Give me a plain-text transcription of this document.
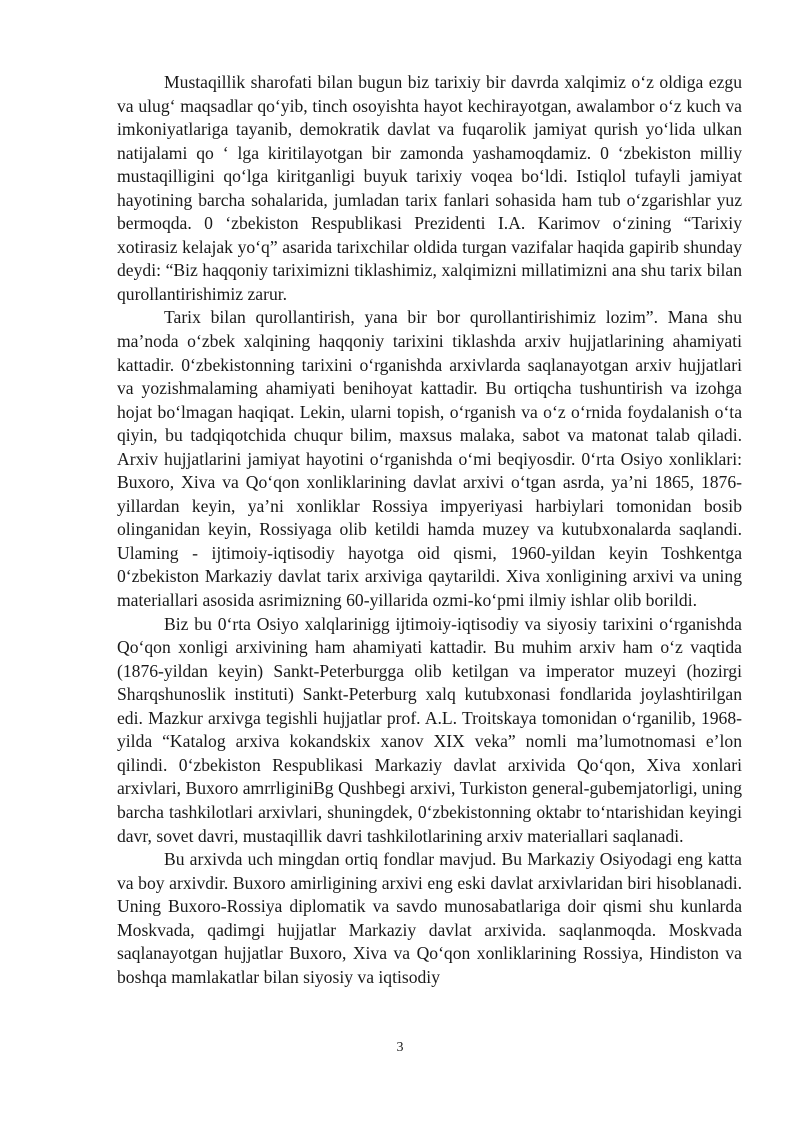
Mustaqillik sharofati bilan bugun biz tarixiy bir davrda xalqimiz o‘z oldiga ezgu va ulug‘ maqsadlar qo‘yib, tinch osoyishta hayot kechirayotgan, awalambor o‘z kuch va imkoniyatlariga tayanib, demokratik davlat va fuqarolik jamiyat qurish yo‘lida ulkan natijalami qo ‘ lga kiritilayotgan bir zamonda yashamoqdamiz. 0 ‘zbekiston milliy mustaqilligini qo‘lga kiritganligi buyuk tarixiy voqea bo‘ldi. Istiqlol tufayli jamiyat hayotining barcha sohalarida, jumladan tarix fanlari sohasida ham tub o‘zgarishlar yuz bermoqda. 0 ‘zbekiston Respublikasi Prezidenti I.A. Karimov o‘zining “Tarixiy xotirasiz kelajak yo‘q” asarida tarixchilar oldida turgan vazifalar haqida gapirib shunday deydi: “Biz haqqoniy tariximizni tiklashimiz, xalqimizni millatimizni ana shu tarix bilan qurollantirishimiz zarur.

Tarix bilan qurollantirish, yana bir bor qurollantirishimiz lozim”. Mana shu ma’noda o‘zbek xalqining haqqoniy tarixini tiklashda arxiv hujjatlarining ahamiyati kattadir. 0‘zbekistonning tarixini o‘rganishda arxivlarda saqlanayotgan arxiv hujjatlari va yozishmalaming ahamiyati benihoyat kattadir. Bu ortiqcha tushuntirish va izohga hojat bo‘lmagan haqiqat. Lekin, ularni topish, o‘rganish va o‘z o‘rnida foydalanish o‘ta qiyin, bu tadqiqotchida chuqur bilim, maxsus malaka, sabot va matonat talab qiladi. Arxiv hujjatlarini jamiyat hayotini o‘rganishda o‘mi beqiyosdir. 0‘rta Osiyo xonliklari: Buxoro, Xiva va Qo‘qon xonliklarining davlat arxivi o‘tgan asrda, ya’ni 1865, 1876-yillardan keyin, ya’ni xonliklar Rossiya impyeriyasi harbiylari tomonidan bosib olinganidan keyin, Rossiyaga olib ketildi hamda muzey va kutubxonalarda saqlandi. Ulaming - ijtimoiy-iqtisodiy hayotga oid qismi, 1960-yildan keyin Toshkentga 0‘zbekiston Markaziy davlat tarix arxiviga qaytarildi. Xiva xonligining arxivi va uning materiallari asosida asrimizning 60-yillarida ozmi-ko‘pmi ilmiy ishlar olib borildi.

Biz bu 0‘rta Osiyo xalqlarinigg ijtimoiy-iqtisodiy va siyosiy tarixini o‘rganishda Qo‘qon xonligi arxivining ham ahamiyati kattadir. Bu muhim arxiv ham o‘z vaqtida (1876-yildan keyin) Sankt-Peterburgga olib ketilgan va imperator muzeyi (hozirgi Sharqshunoslik instituti) Sankt-Peterburg xalq kutubxonasi fondlarida joylashtirilgan edi. Mazkur arxivga tegishli hujjatlar prof. A.L. Troitskaya tomonidan o‘rganilib, 1968-yilda “Katalog arxiva kokandskix xanov XIX veka” nomli ma’lumotnomasi e’lon qilindi. 0‘zbekiston Respublikasi Markaziy davlat arxivida Qo‘qon, Xiva xonlari arxivlari, Buxoro amrrliginiBg Qushbegi arxivi, Turkiston general-gubemjatorligi, uning barcha tashkilotlari arxivlari, shuningdek, 0‘zbekistonning oktabr to‘ntarishidan keyingi davr, sovet davri, mustaqillik davri tashkilotlarining arxiv materiallari saqlanadi.

Bu arxivda uch mingdan ortiq fondlar mavjud. Bu Markaziy Osiyodagi eng katta va boy arxivdir. Buxoro amirligining arxivi eng eski davlat arxivlaridan biri hisoblanadi. Uning Buxoro-Rossiya diplomatik va savdo munosabatlariga doir qismi shu kunlarda Moskvada, qadimgi hujjatlar Markaziy davlat arxivida. saqlanmoqda. Moskvada saqlanayotgan hujjatlar Buxoro, Xiva va Qo‘qon xonliklarining Rossiya, Hindiston va boshqa mamlakatlar bilan siyosiy va iqtisodiy

3
